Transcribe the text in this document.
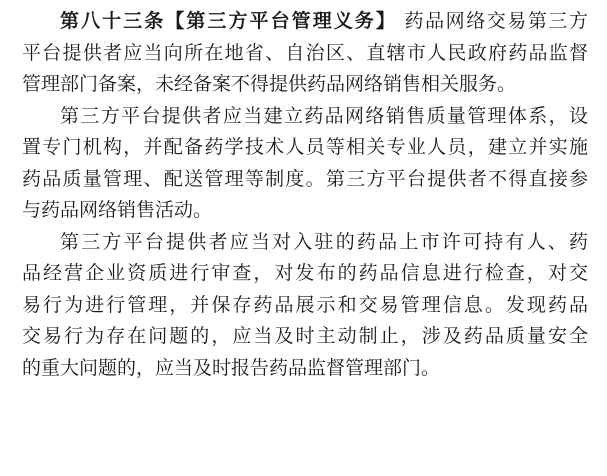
第八十三条【第三方平台管理义务】 药品网络交易第三方
平台提供者应当向所在地省、自治区、直辖市人民政府药品监督
管理部门备案，未经备案不得提供药品网络销售相关服务。
第三方平台提供者应当建立药品网络销售质量管理体系，设
置专门机构，并配备药学技术人员等相关专业人员，建立并实施
药品质量管理、配送管理等制度。第三方平台提供者不得直接参
与药品网络销售活动。
第三方平台提供者应当对入驻的药品上市许可持有人、药
品经营企业资质进行审查，对发布的药品信息进行检查，对交
易行为进行管理，并保存药品展示和交易管理信息。发现药品
交易行为存在问题的，应当及时主动制止，涉及药品质量安全
的重大问题的，应当及时报告药品监督管理部门。
